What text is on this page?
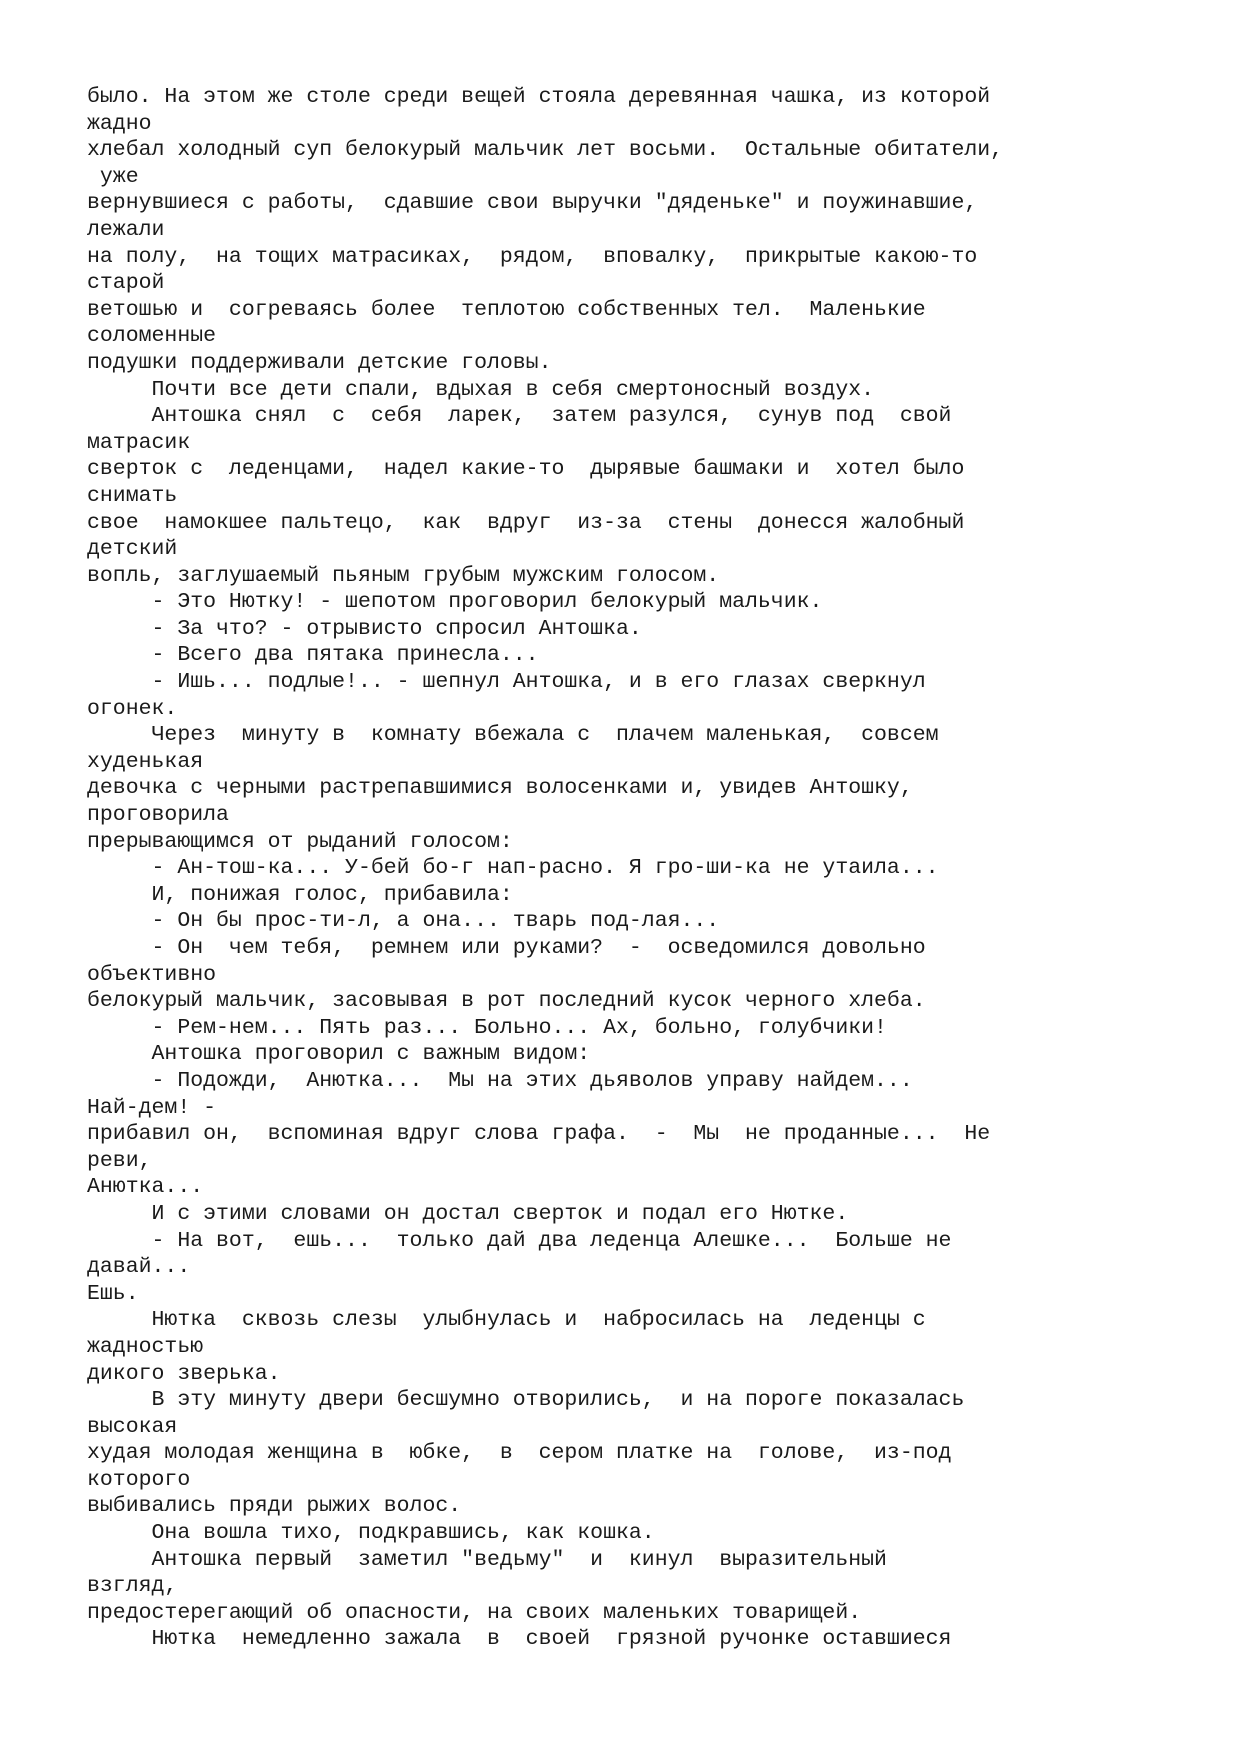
было. На этом же столе среди вещей стояла деревянная чашка, из которой
жадно
хлебал холодный суп белокурый мальчик лет восьми.  Остальные обитатели,
уже
вернувшиеся с работы,  сдавшие свои выручки "дяденьке" и поужинавшие,
лежали
на полу,  на тощих матрасиках,  рядом,  вповалку,  прикрытые какою-то
старой
ветошью и  согреваясь более  теплотою собственных тел.  Маленькие
соломенные
подушки поддерживали детские головы.
Почти все дети спали, вдыхая в себя смертоносный воздух.
Антошка снял  с  себя  ларек,  затем разулся,  сунув под  свой
матрасик
сверток с  леденцами,  надел какие-то  дырявые башмаки и  хотел было
снимать
свое  намокшее пальтецо,  как  вдруг  из-за  стены  донесся жалобный
детский
вопль, заглушаемый пьяным грубым мужским голосом.
- Это Нютку! - шепотом проговорил белокурый мальчик.
- За что? - отрывисто спросил Антошка.
- Всего два пятака принесла...
- Ишь... подлые!.. - шепнул Антошка, и в его глазах сверкнул
огонек.
Через  минуту в  комнату вбежала с  плачем маленькая,  совсем
худенькая
девочка с черными растрепавшимися волосенками и, увидев Антошку,
проговорила
прерывающимся от рыданий голосом:
- Ан-тош-ка... У-бей бо-г нап-расно. Я гро-ши-ка не утаила...
И, понижая голос, прибавила:
- Он бы прос-ти-л, а она... тварь под-лая...
- Он  чем тебя,  ремнем или руками?  -  осведомился довольно
объективно
белокурый мальчик, засовывая в рот последний кусок черного хлеба.
- Рем-нем... Пять раз... Больно... Ах, больно, голубчики!
Антошка проговорил с важным видом:
- Подожди,  Анютка...  Мы на этих дьяволов управу найдем...
Най-дем! -
прибавил он,  вспоминая вдруг слова графа.  -  Мы  не проданные...  Не
реви,
Анютка...
И с этими словами он достал сверток и подал его Нютке.
- На вот,  ешь...  только дай два леденца Алешке...  Больше не
давай...
Ешь.
Нютка  сквозь слезы  улыбнулась и  набросилась на  леденцы с
жадностью
дикого зверька.
В эту минуту двери бесшумно отворились,  и на пороге показалась
высокая
худая молодая женщина в  юбке,  в  сером платке на  голове,  из-под
которого
выбивались пряди рыжих волос.
Она вошла тихо, подкравшись, как кошка.
Антошка первый  заметил "ведьму"  и  кинул  выразительный
взгляд,
предостерегающий об опасности, на своих маленьких товарищей.
Нютка  немедленно зажала  в  своей  грязной ручонке оставшиеся
